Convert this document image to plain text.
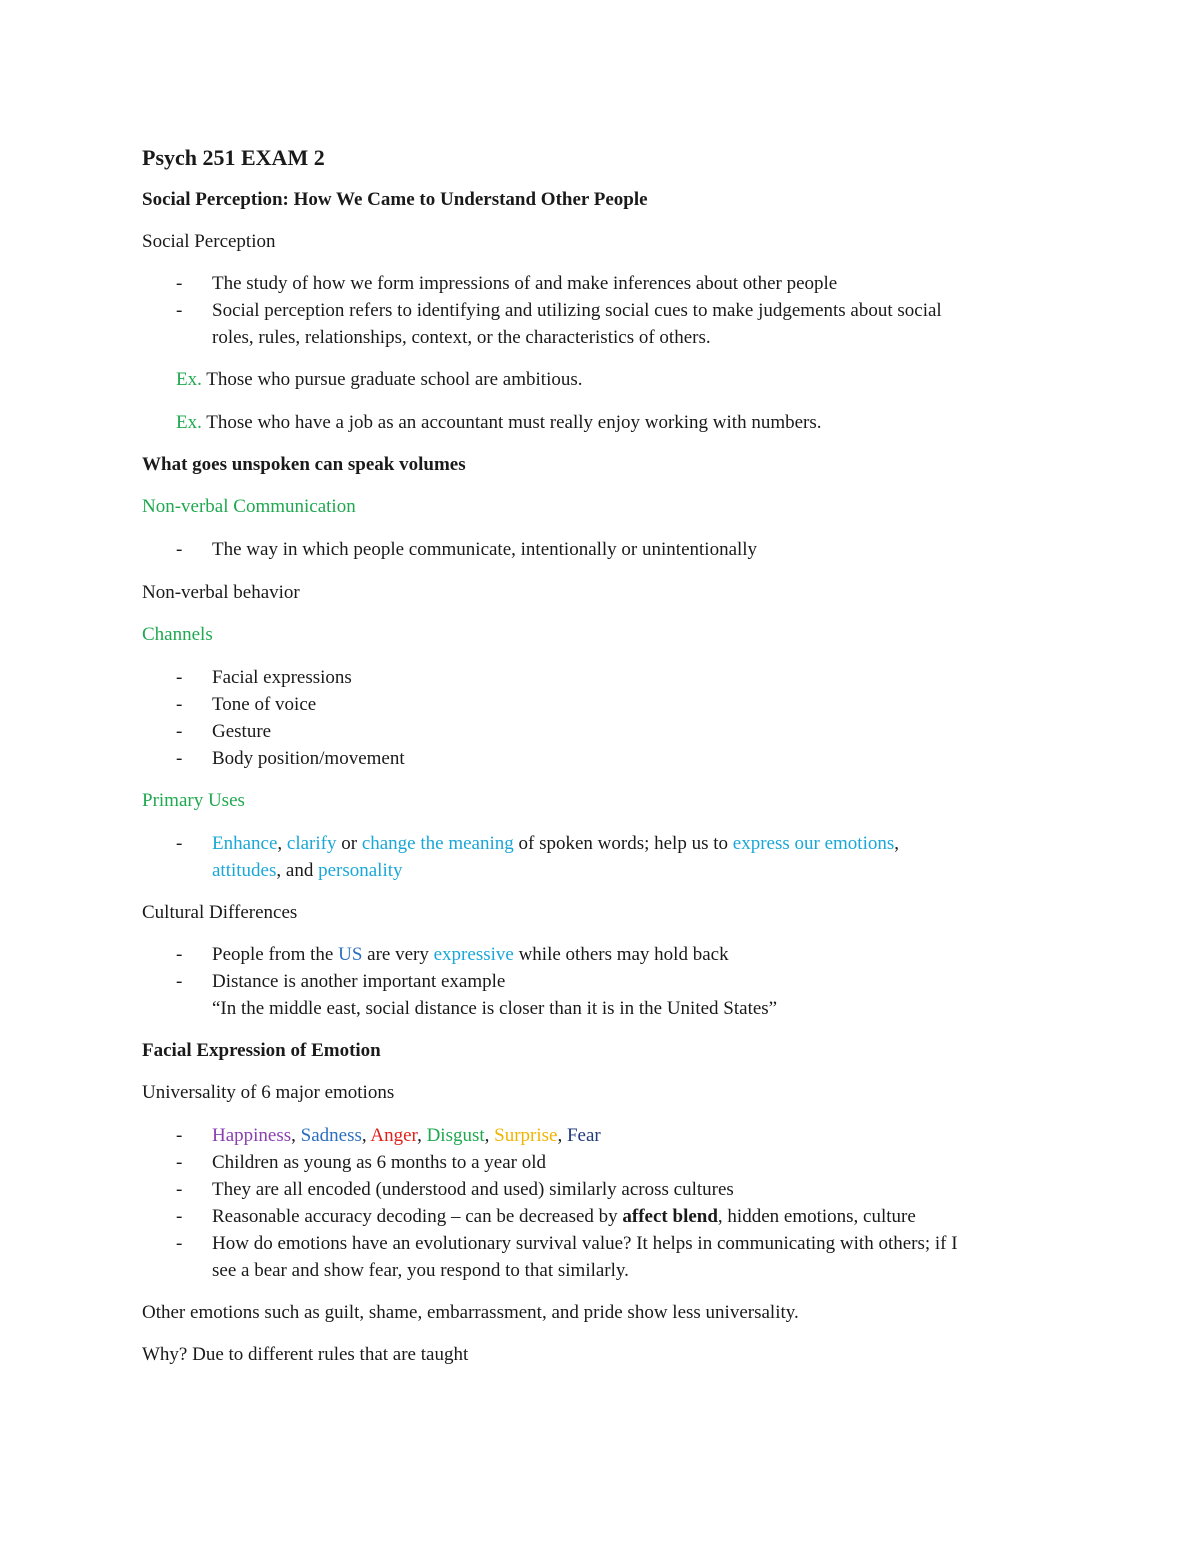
Psych 251 EXAM 2
Social Perception: How We Came to Understand Other People
Social Perception
- The study of how we form impressions of and make inferences about other people
- Social perception refers to identifying and utilizing social cues to make judgements about social
roles, rules, relationships, context, or the characteristics of others.
Ex. Those who pursue graduate school are ambitious.
Ex. Those who have a job as an accountant must really enjoy working with numbers.
What goes unspoken can speak volumes
Non-verbal Communication
- The way in which people communicate, intentionally or unintentionally
Non-verbal behavior
Channels
- Facial expressions
- Tone of voice
- Gesture
- Body position/movement
Primary Uses
- Enhance, clarify or change the meaning of spoken words; help us to express our emotions,
attitudes, and personality
Cultural Differences
- People from the US are very expressive while others may hold back
- Distance is another important example
“In the middle east, social distance is closer than it is in the United States”
Facial Expression of Emotion
Universality of 6 major emotions
- Happiness, Sadness, Anger, Disgust, Surprise, Fear
- Children as young as 6 months to a year old
- They are all encoded (understood and used) similarly across cultures
- Reasonable accuracy decoding – can be decreased by affect blend, hidden emotions, culture
- How do emotions have an evolutionary survival value? It helps in communicating with others; if I
see a bear and show fear, you respond to that similarly.
Other emotions such as guilt, shame, embarrassment, and pride show less universality.
Why? Due to different rules that are taught
